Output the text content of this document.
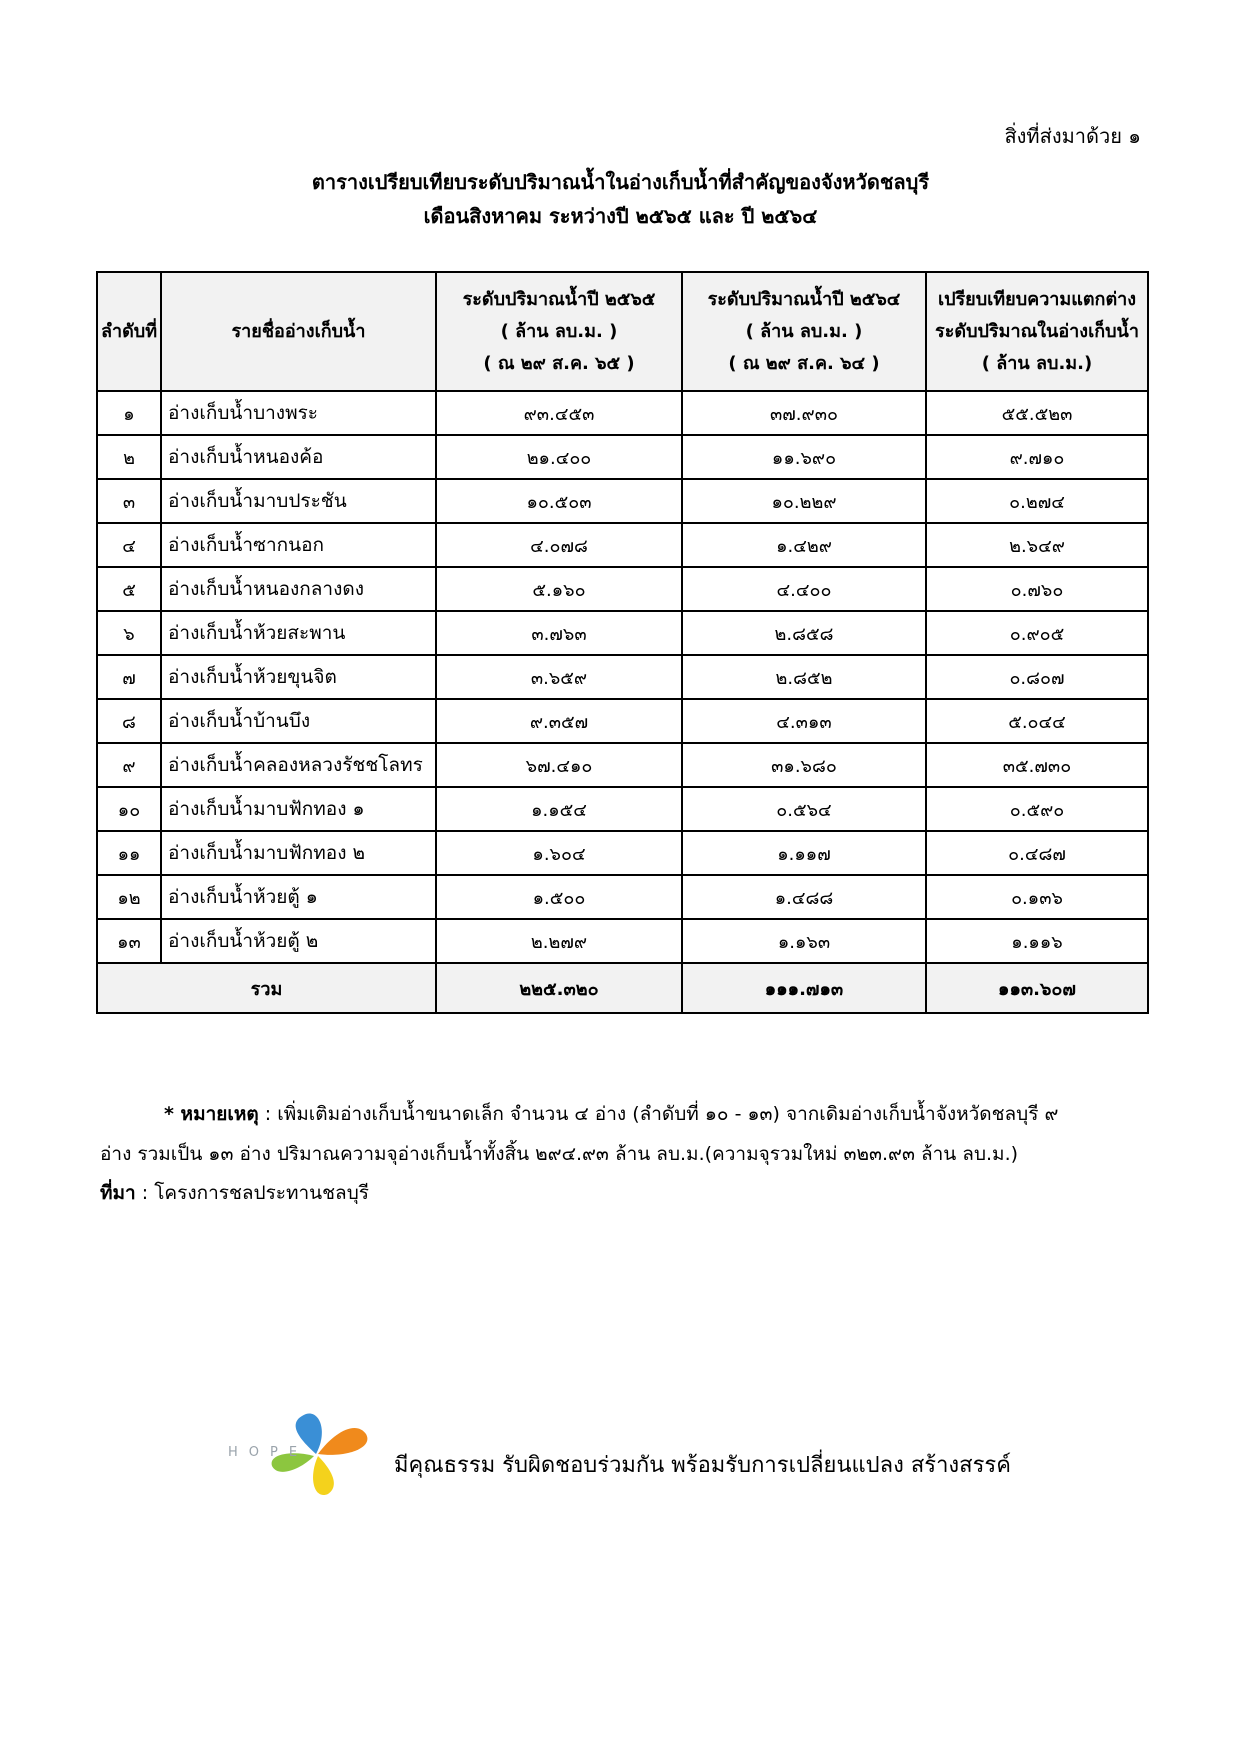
สิ่งที่ส่งมาด้วย ๑
ตารางเปรียบเทียบระดับปริมาณน้ำในอ่างเก็บน้ำที่สำคัญของจังหวัดชลบุรี
เดือนสิงหาคม ระหว่างปี ๒๕๖๕ และ ปี ๒๕๖๔
ลำดับที่	รายชื่ออ่างเก็บน้ำ	ระดับปริมาณน้ำปี ๒๕๖๕
( ล้าน ลบ.ม. )
( ณ ๒๙ ส.ค. ๖๕ )	ระดับปริมาณน้ำปี ๒๕๖๔
( ล้าน ลบ.ม. )
( ณ ๒๙ ส.ค. ๖๔ )	เปรียบเทียบความแตกต่าง
ระดับปริมาณในอ่างเก็บน้ำ
( ล้าน ลบ.ม.)

๑	อ่างเก็บน้ำบางพระ	๙๓.๔๕๓	๓๗.๙๓๐	๕๕.๕๒๓
๒	อ่างเก็บน้ำหนองค้อ	๒๑.๔๐๐	๑๑.๖๙๐	๙.๗๑๐
๓	อ่างเก็บน้ำมาบประชัน	๑๐.๕๐๓	๑๐.๒๒๙	๐.๒๗๔
๔	อ่างเก็บน้ำซากนอก	๔.๐๗๘	๑.๔๒๙	๒.๖๔๙
๕	อ่างเก็บน้ำหนองกลางดง	๕.๑๖๐	๔.๔๐๐	๐.๗๖๐
๖	อ่างเก็บน้ำห้วยสะพาน	๓.๗๖๓	๒.๘๕๘	๐.๙๐๕
๗	อ่างเก็บน้ำห้วยขุนจิต	๓.๖๕๙	๒.๘๕๒	๐.๘๐๗
๘	อ่างเก็บน้ำบ้านบึง	๙.๓๕๗	๔.๓๑๓	๕.๐๔๔
๙	อ่างเก็บน้ำคลองหลวงรัชชโลทร	๖๗.๔๑๐	๓๑.๖๘๐	๓๕.๗๓๐
๑๐	อ่างเก็บน้ำมาบฟักทอง ๑	๑.๑๕๔	๐.๕๖๔	๐.๕๙๐
๑๑	อ่างเก็บน้ำมาบฟักทอง ๒	๑.๖๐๔	๑.๑๑๗	๐.๔๘๗
๑๒	อ่างเก็บน้ำห้วยตู้ ๑	๑.๕๐๐	๑.๔๘๘	๐.๑๓๖
๑๓	อ่างเก็บน้ำห้วยตู้ ๒	๒.๒๗๙	๑.๑๖๓	๑.๑๑๖
รวม		๒๒๕.๓๒๐	๑๑๑.๗๑๓	๑๑๓.๖๐๗
* หมายเหตุ : เพิ่มเติมอ่างเก็บน้ำขนาดเล็ก จำนวน ๔ อ่าง (ลำดับที่ ๑๐ - ๑๓) จากเดิมอ่างเก็บน้ำจังหวัดชลบุรี ๙ อ่าง รวมเป็น ๑๓ อ่าง ปริมาณความจุอ่างเก็บน้ำทั้งสิ้น ๒๙๔.๙๓ ล้าน ลบ.ม.(ความจุรวมใหม่ ๓๒๓.๙๓ ล้าน ลบ.ม.)
ที่มา : โครงการชลประทานชลบุรี
HOPE
มีคุณธรรม รับผิดชอบร่วมกัน พร้อมรับการเปลี่ยนแปลง สร้างสรรค์
